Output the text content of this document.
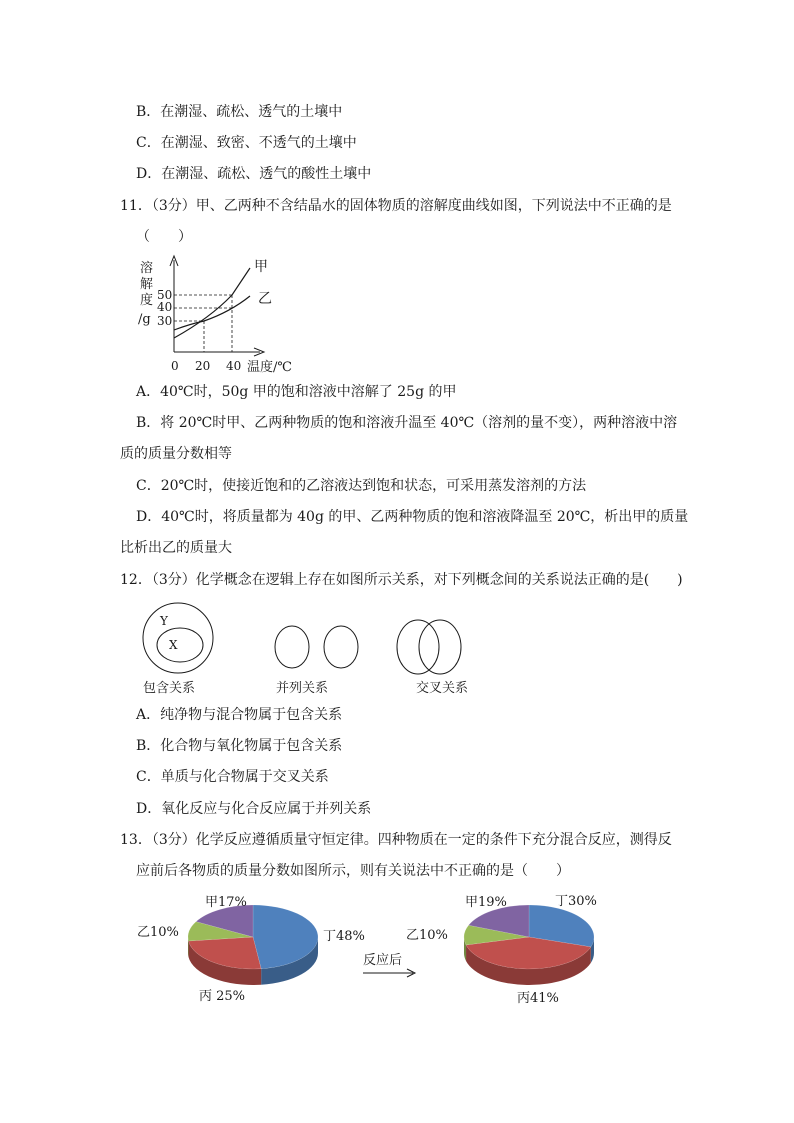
B．在潮湿、疏松、透气的土壤中
C．在潮湿、致密、不透气的土壤中
D．在潮湿、疏松、透气的酸性土壤中
11．（3分）甲、乙两种不含结晶水的固体物质的溶解度曲线如图，下列说法中不正确的是
（　　）
溶
解
度
/g
50
40
30
0 20 40 温度/℃
甲
乙
A．40℃时，50g 甲的饱和溶液中溶解了 25g 的甲
B．将 20℃时甲、乙两种物质的饱和溶液升温至 40℃（溶剂的量不变），两种溶液中溶
质的质量分数相等
C．20℃时，使接近饱和的乙溶液达到饱和状态，可采用蒸发溶剂的方法
D．40℃时，将质量都为 40g 的甲、乙两种物质的饱和溶液降温至 20℃，析出甲的质量
比析出乙的质量大
12．（3分）化学概念在逻辑上存在如图所示关系，对下列概念间的关系说法正确的是(　　)
Y
X
包含关系	并列关系	交叉关系
A．纯净物与混合物属于包含关系
B．化合物与氧化物属于包含关系
C．单质与化合物属于交叉关系
D．氧化反应与化合反应属于并列关系
13．（3分）化学反应遵循质量守恒定律。四种物质在一定的条件下充分混合反应，测得反
应前后各物质的质量分数如图所示，则有关说法中不正确的是（　　）
甲17%
乙10%
丙 25%
丁48%
反应后
甲19%
乙10%
丙41%
丁30%
